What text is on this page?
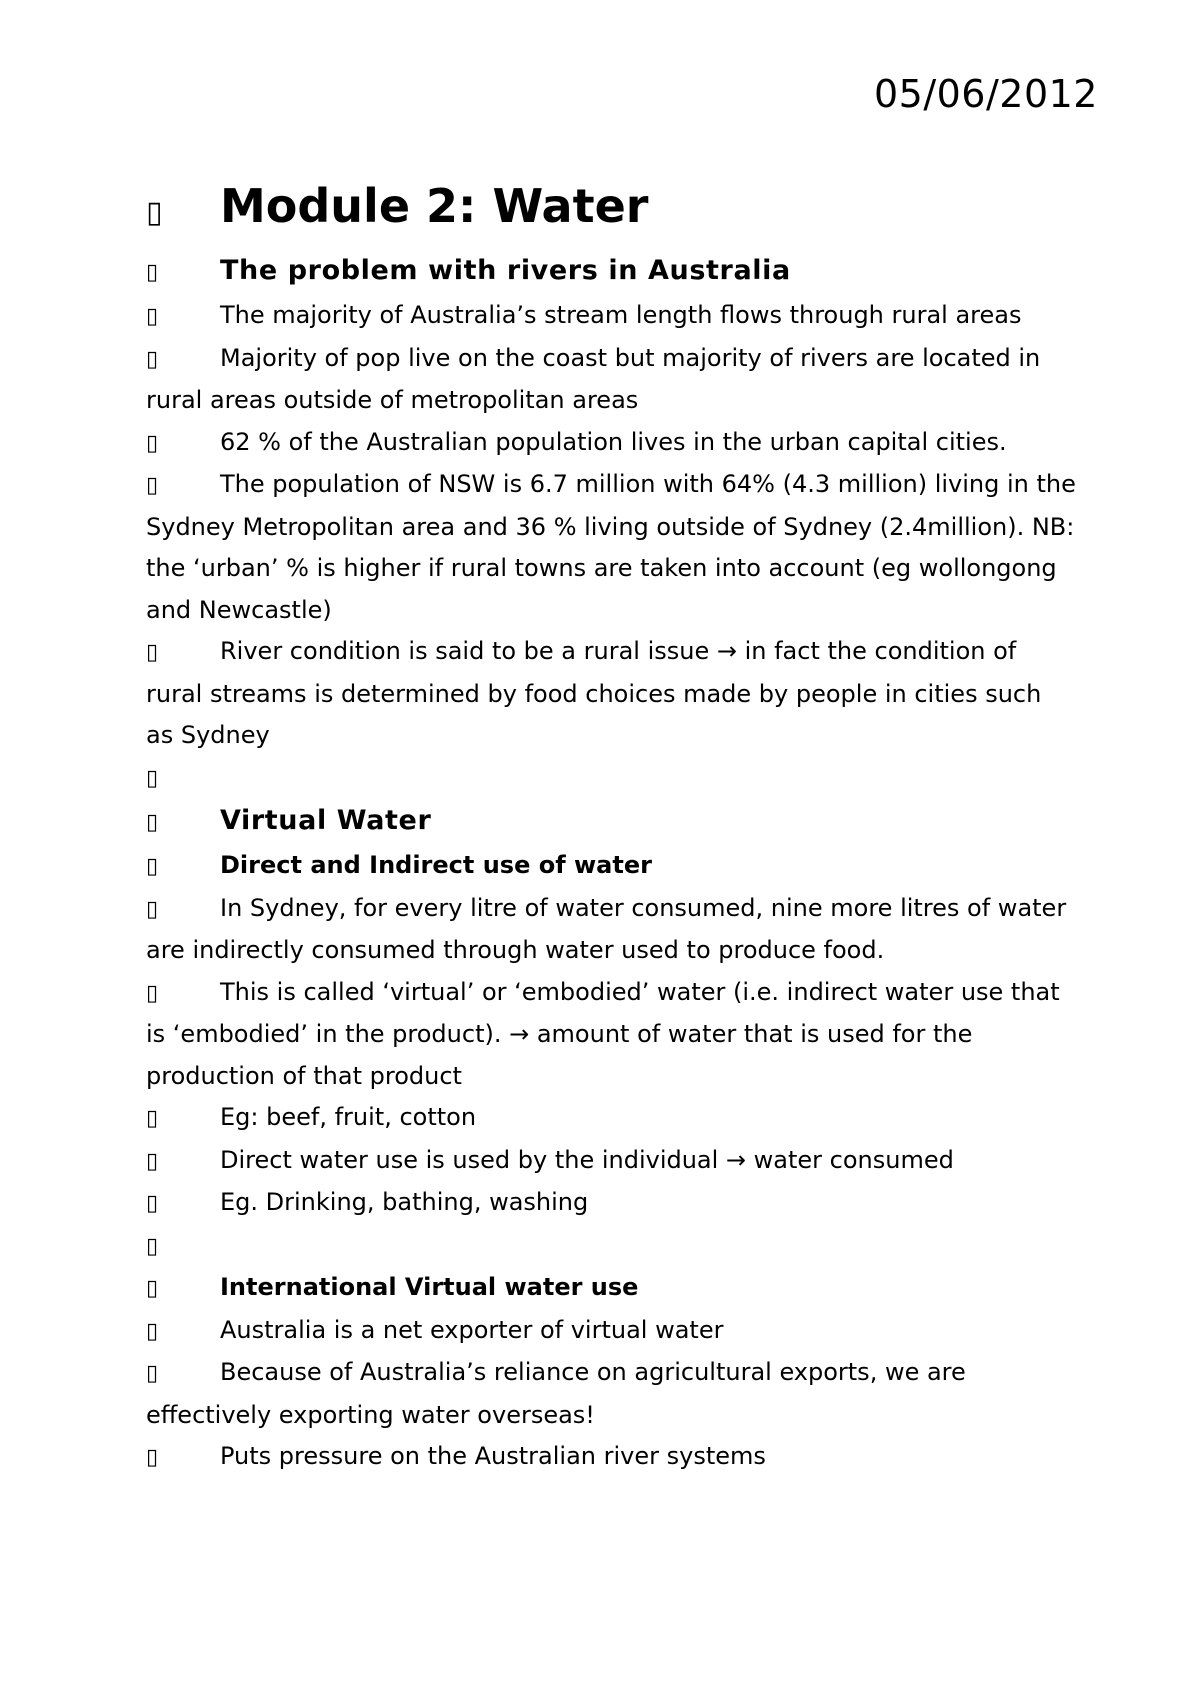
05/06/2012
▯ Module 2: Water
▯ The problem with rivers in Australia
▯	The majority of Australia’s stream length flows through rural areas
▯	Majority of pop live on the coast but majority of rivers are located in rural areas outside of metropolitan areas
▯	62 % of the Australian population lives in the urban capital cities.
▯	The population of NSW is 6.7 million with 64% (4.3 million) living in the Sydney Metropolitan area and 36 % living outside of Sydney (2.4million). NB: the ‘urban’ % is higher if rural towns are taken into account (eg wollongong and Newcastle)
▯	River condition is said to be a rural issue → in fact the condition of rural streams is determined by food choices made by people in cities such as Sydney
▯
▯ Virtual Water
▯	Direct and Indirect use of water
▯	In Sydney, for every litre of water consumed, nine more litres of water are indirectly consumed through water used to produce food.
▯	This is called ‘virtual’ or ‘embodied’ water (i.e. indirect water use that is ‘embodied’ in the product). → amount of water that is used for the production of that product
▯	Eg: beef, fruit, cotton
▯	Direct water use is used by the individual → water consumed
▯	Eg. Drinking, bathing, washing
▯
▯	International Virtual water use
▯	Australia is a net exporter of virtual water
▯	Because of Australia’s reliance on agricultural exports, we are effectively exporting water overseas!
▯	Puts pressure on the Australian river systems
